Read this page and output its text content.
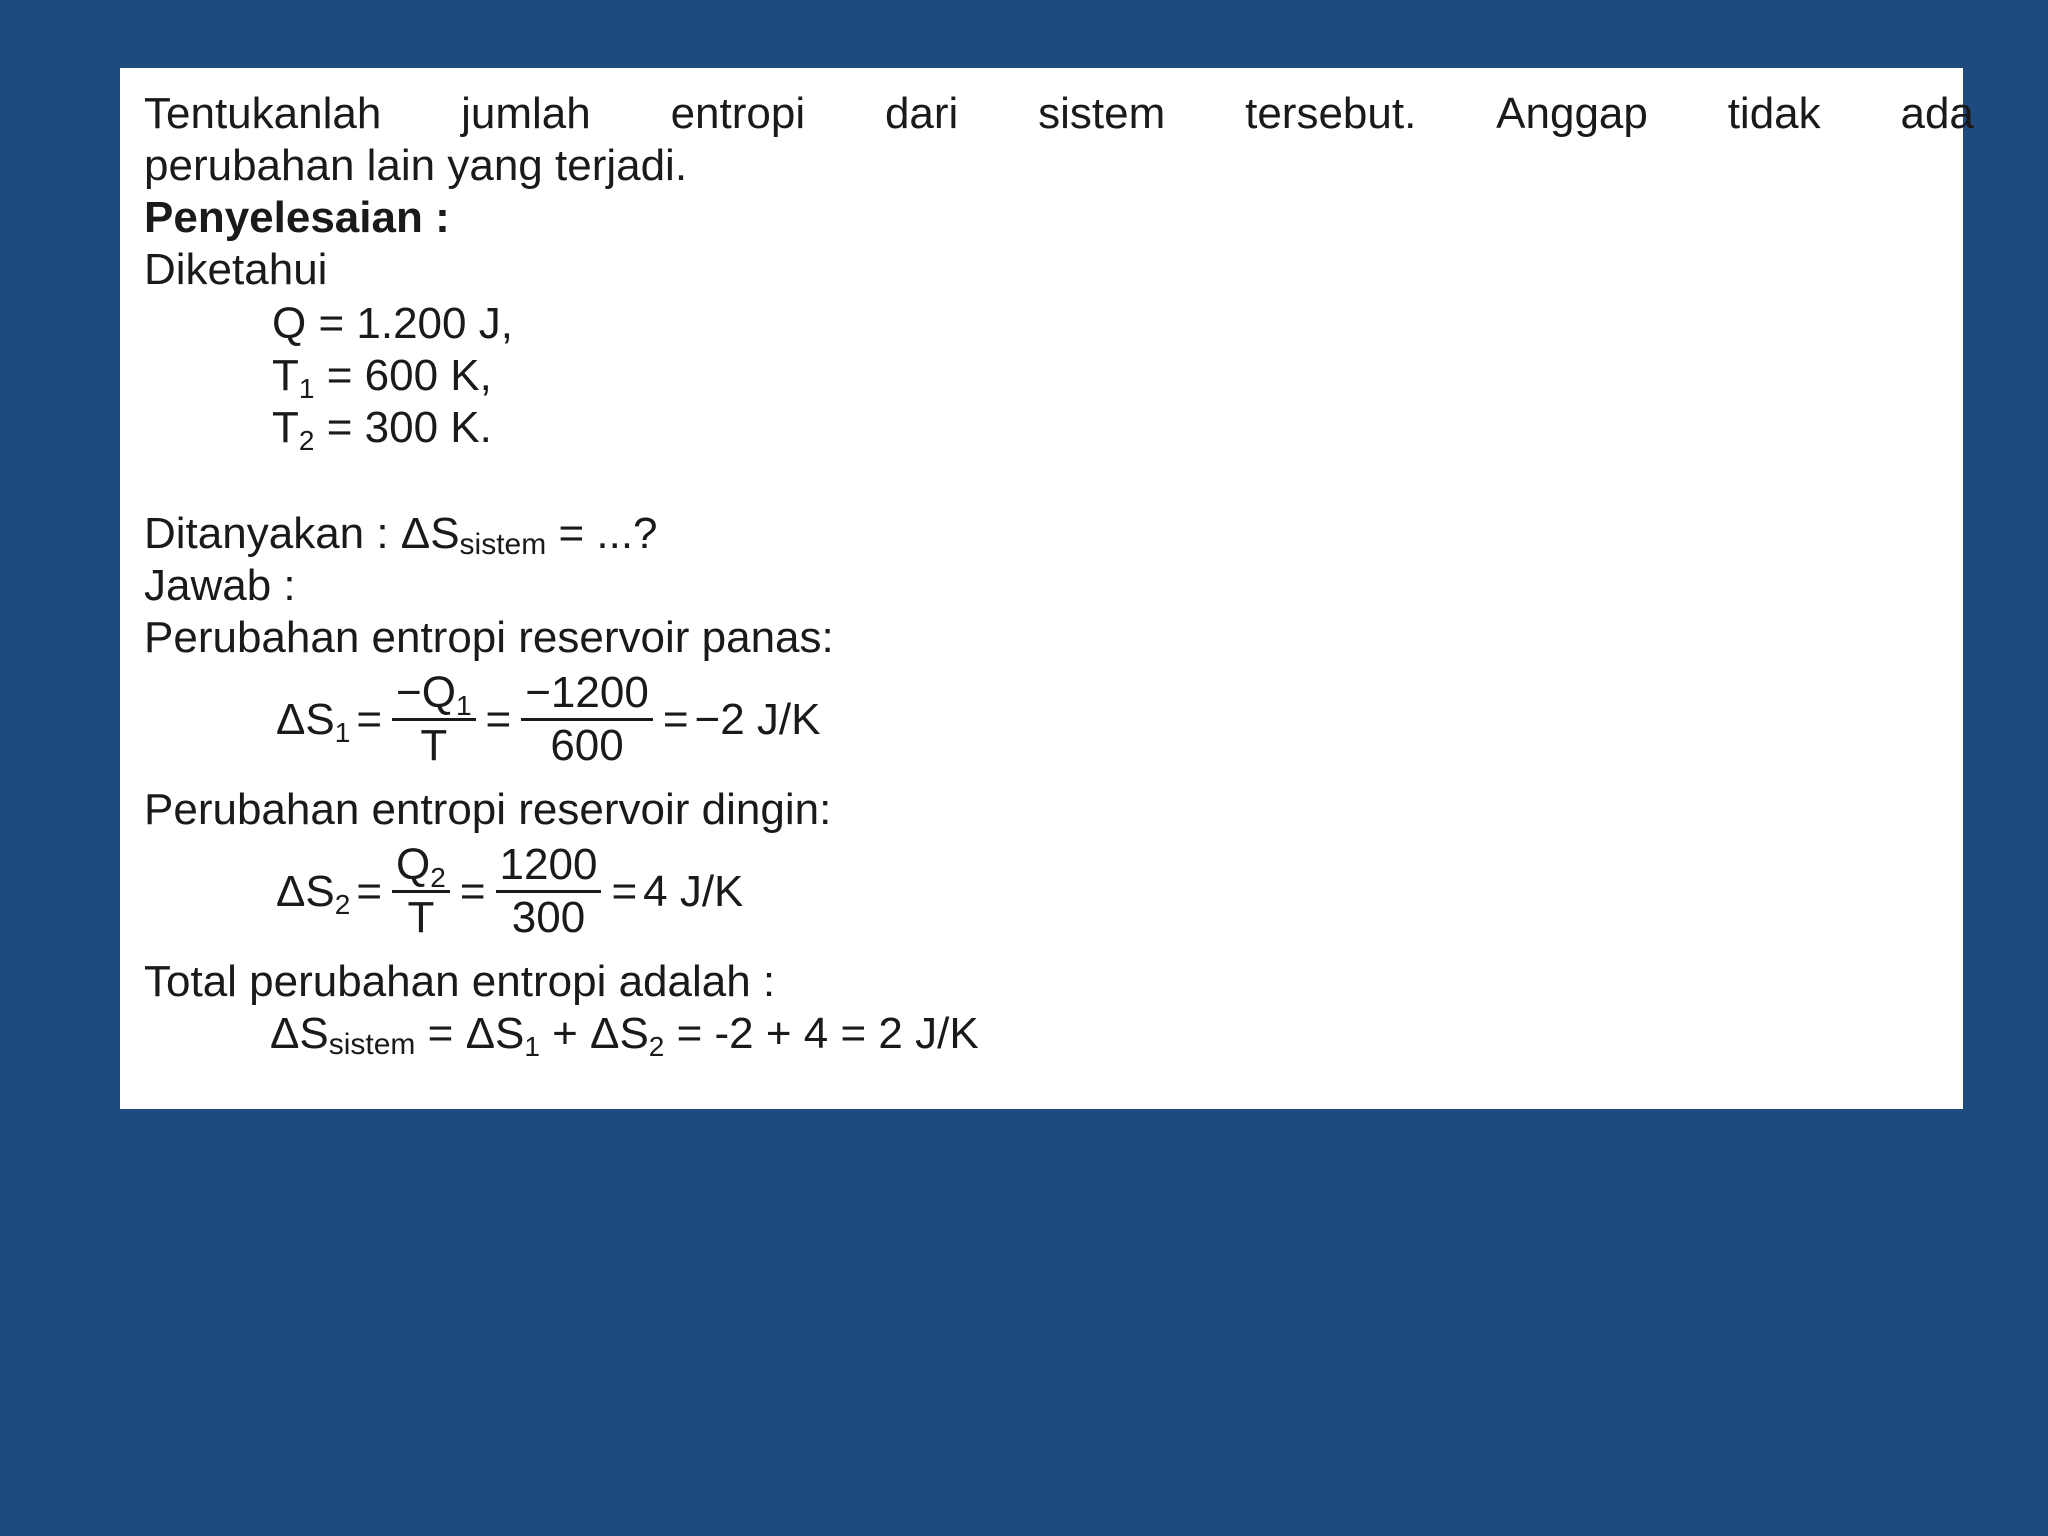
Tentukanlah jumlah entropi dari sistem tersebut. Anggap tidak ada
perubahan lain yang terjadi.
Penyelesaian :
Diketahui
Q = 1.200 J,
$T_1 = 600$ K,
$T_2 = 300$ K.
Ditanyakan : $\Delta S_{sistem}$ = ...?
Jawab :
Perubahan entropi reservoir panas:
$\Delta S_1 = \frac{-Q_1}{T} = \frac{-1200}{600} = -2$ J/K
Perubahan entropi reservoir dingin:
$\Delta S_2 = \frac{Q_2}{T} = \frac{1200}{300} = 4$ J/K
Total perubahan entropi adalah :
$\Delta S_{sistem} = \Delta S_1 + \Delta S_2 = -2 + 4 = 2$ J/K
